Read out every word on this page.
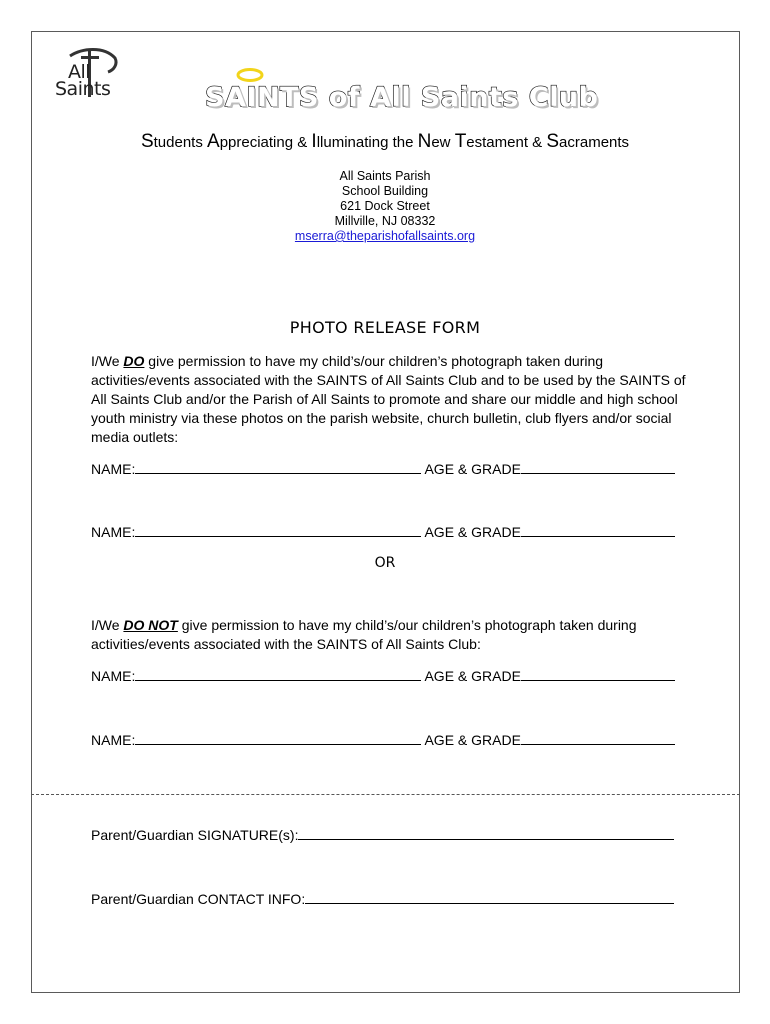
All
Saints	SAINTS of All Saints Club
Students Appreciating & Illuminating the New Testament & Sacraments
All Saints Parish
School Building
621 Dock Street
Millville, NJ 08332
mserra@theparishofallsaints.org
PHOTO RELEASE FORM
I/We DO give permission to have my child’s/our children’s photograph taken during activities/events associated with the SAINTS of All Saints Club and to be used by the SAINTS of All Saints Club and/or the Parish of All Saints to promote and share our middle and high school youth ministry via these photos on the parish website, church bulletin, club flyers and/or social media outlets:
NAME:	AGE & GRADE
NAME:	AGE & GRADE
OR
I/We DO NOT give permission to have my child’s/our children’s photograph taken during activities/events associated with the SAINTS of All Saints Club:
NAME:	AGE & GRADE
NAME:	AGE & GRADE
Parent/Guardian SIGNATURE(s):
Parent/Guardian CONTACT INFO:
